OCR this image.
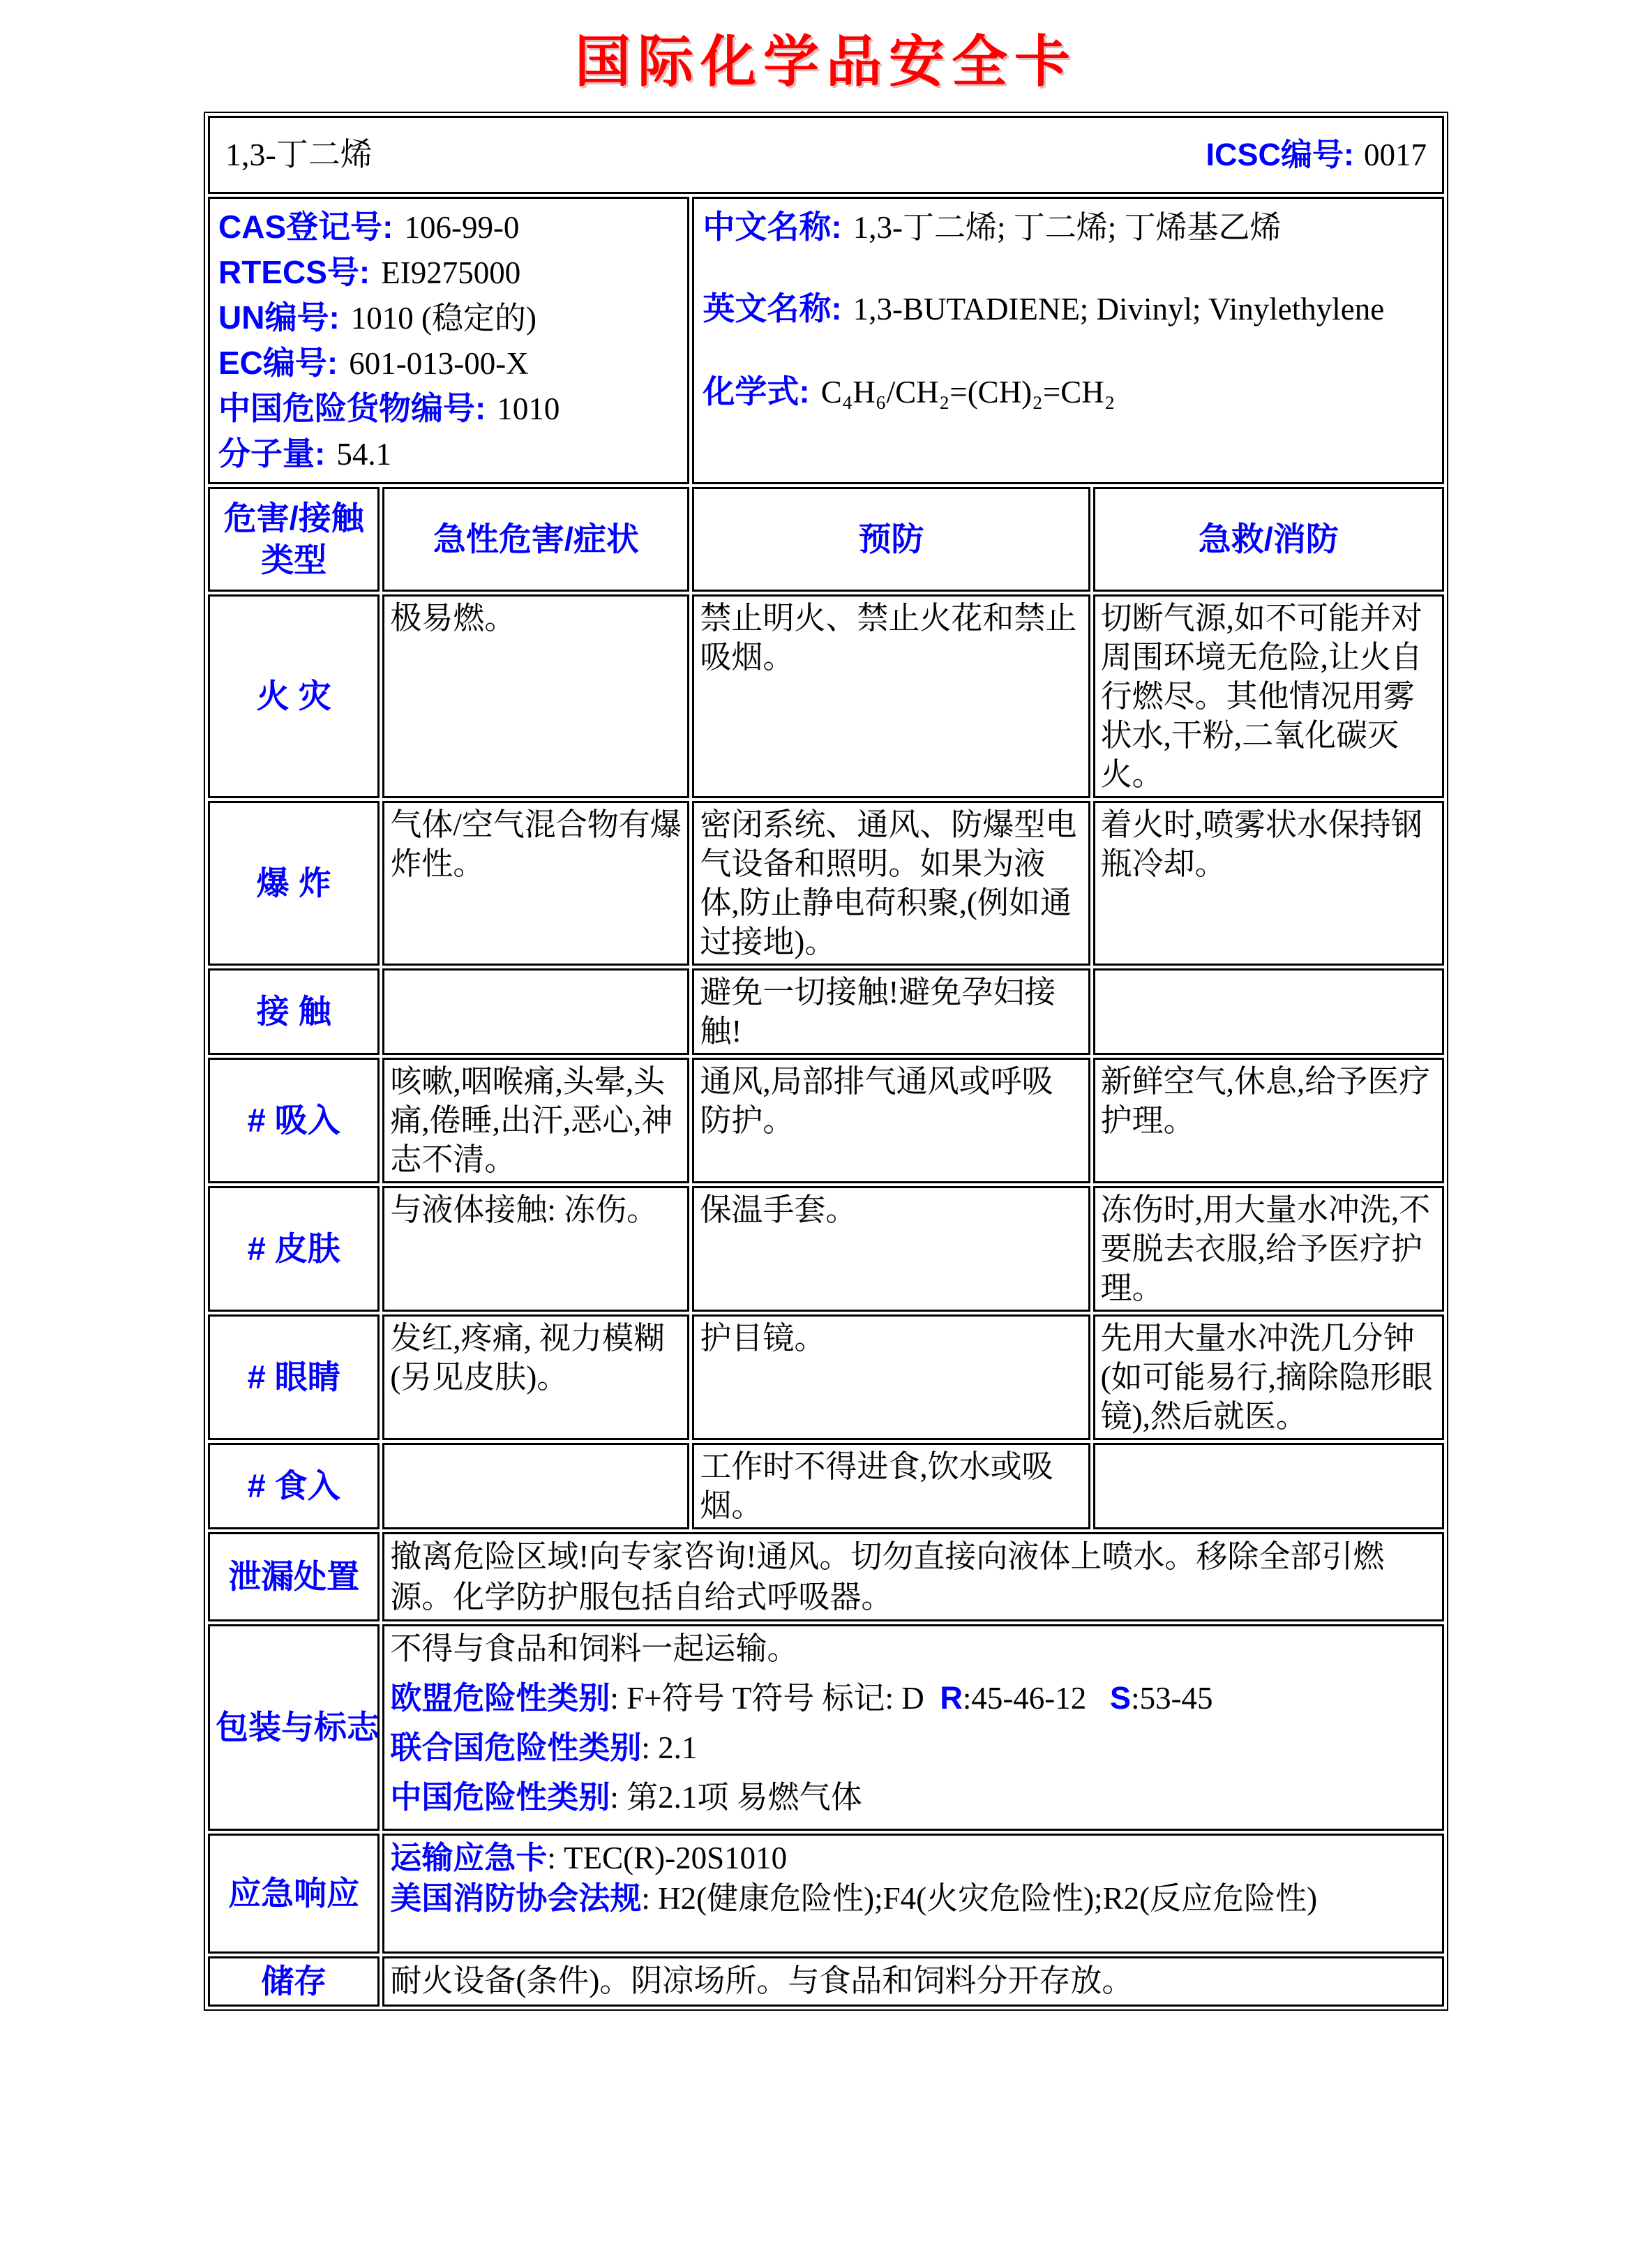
国际化学品安全卡
1,3-丁二烯 ICSC编号: 0017			

CAS登记号: 106-99-0
RTECS号: EI9275000
UN编号: 1010 (稳定的)
EC编号: 601-013-00-X
中国危险货物编号: 1010
分子量: 54.1

中文名称: 1,3-丁二烯; 丁二烯; 丁烯基乙烯
英文名称: 1,3-BUTADIENE; Divinyl; Vinylethylene
化学式: C₄H₆/CH₂=(CH)₂=CH₂

危害/接触 类型	急性危害/症状	预防	急救/消防
火 灾	极易燃。	禁止明火、禁止火花和禁止吸烟。	切断气源,如不可能并对周围环境无危险,让火自行燃尽。其他情况用雾状水,干粉,二氧化碳灭火。
爆 炸	气体/空气混合物有爆炸性。	密闭系统、通风、防爆型电气设备和照明。如果为液体,防止静电荷积聚,(例如通过接地)。	着火时,喷雾状水保持钢瓶冷却。
接 触		避免一切接触!避免孕妇接触!	
# 吸入	咳嗽,咽喉痛,头晕,头痛,倦睡,出汗,恶心,神志不清。	通风,局部排气通风或呼吸防护。	新鲜空气,休息,给予医疗护理。
# 皮肤	与液体接触: 冻伤。	保温手套。	冻伤时,用大量水冲洗,不要脱去衣服,给予医疗护理。
# 眼睛	发红,疼痛, 视力模糊(另见皮肤)。	护目镜。	先用大量水冲洗几分钟(如可能易行,摘除隐形眼镜),然后就医。
# 食入		工作时不得进食,饮水或吸烟。	
泄漏处置	撤离危险区域!向专家咨询!通风。切勿直接向液体上喷水。移除全部引燃源。化学防护服包括自给式呼吸器。		

包装与标志	不得与食品和饲料一起运输。
欧盟危险性类别: F+符号 T符号 标记: D  R:45-46-12   S:53-45
联合国危险性类别: 2.1
中国危险性类别: 第2.1项 易燃气体		

应急响应	运输应急卡: TEC(R)-20S1010
美国消防协会法规: H2(健康危险性);F4(火灾危险性);R2(反应危险性)		

储存	耐火设备(条件)。阴凉场所。与食品和饲料分开存放。		
